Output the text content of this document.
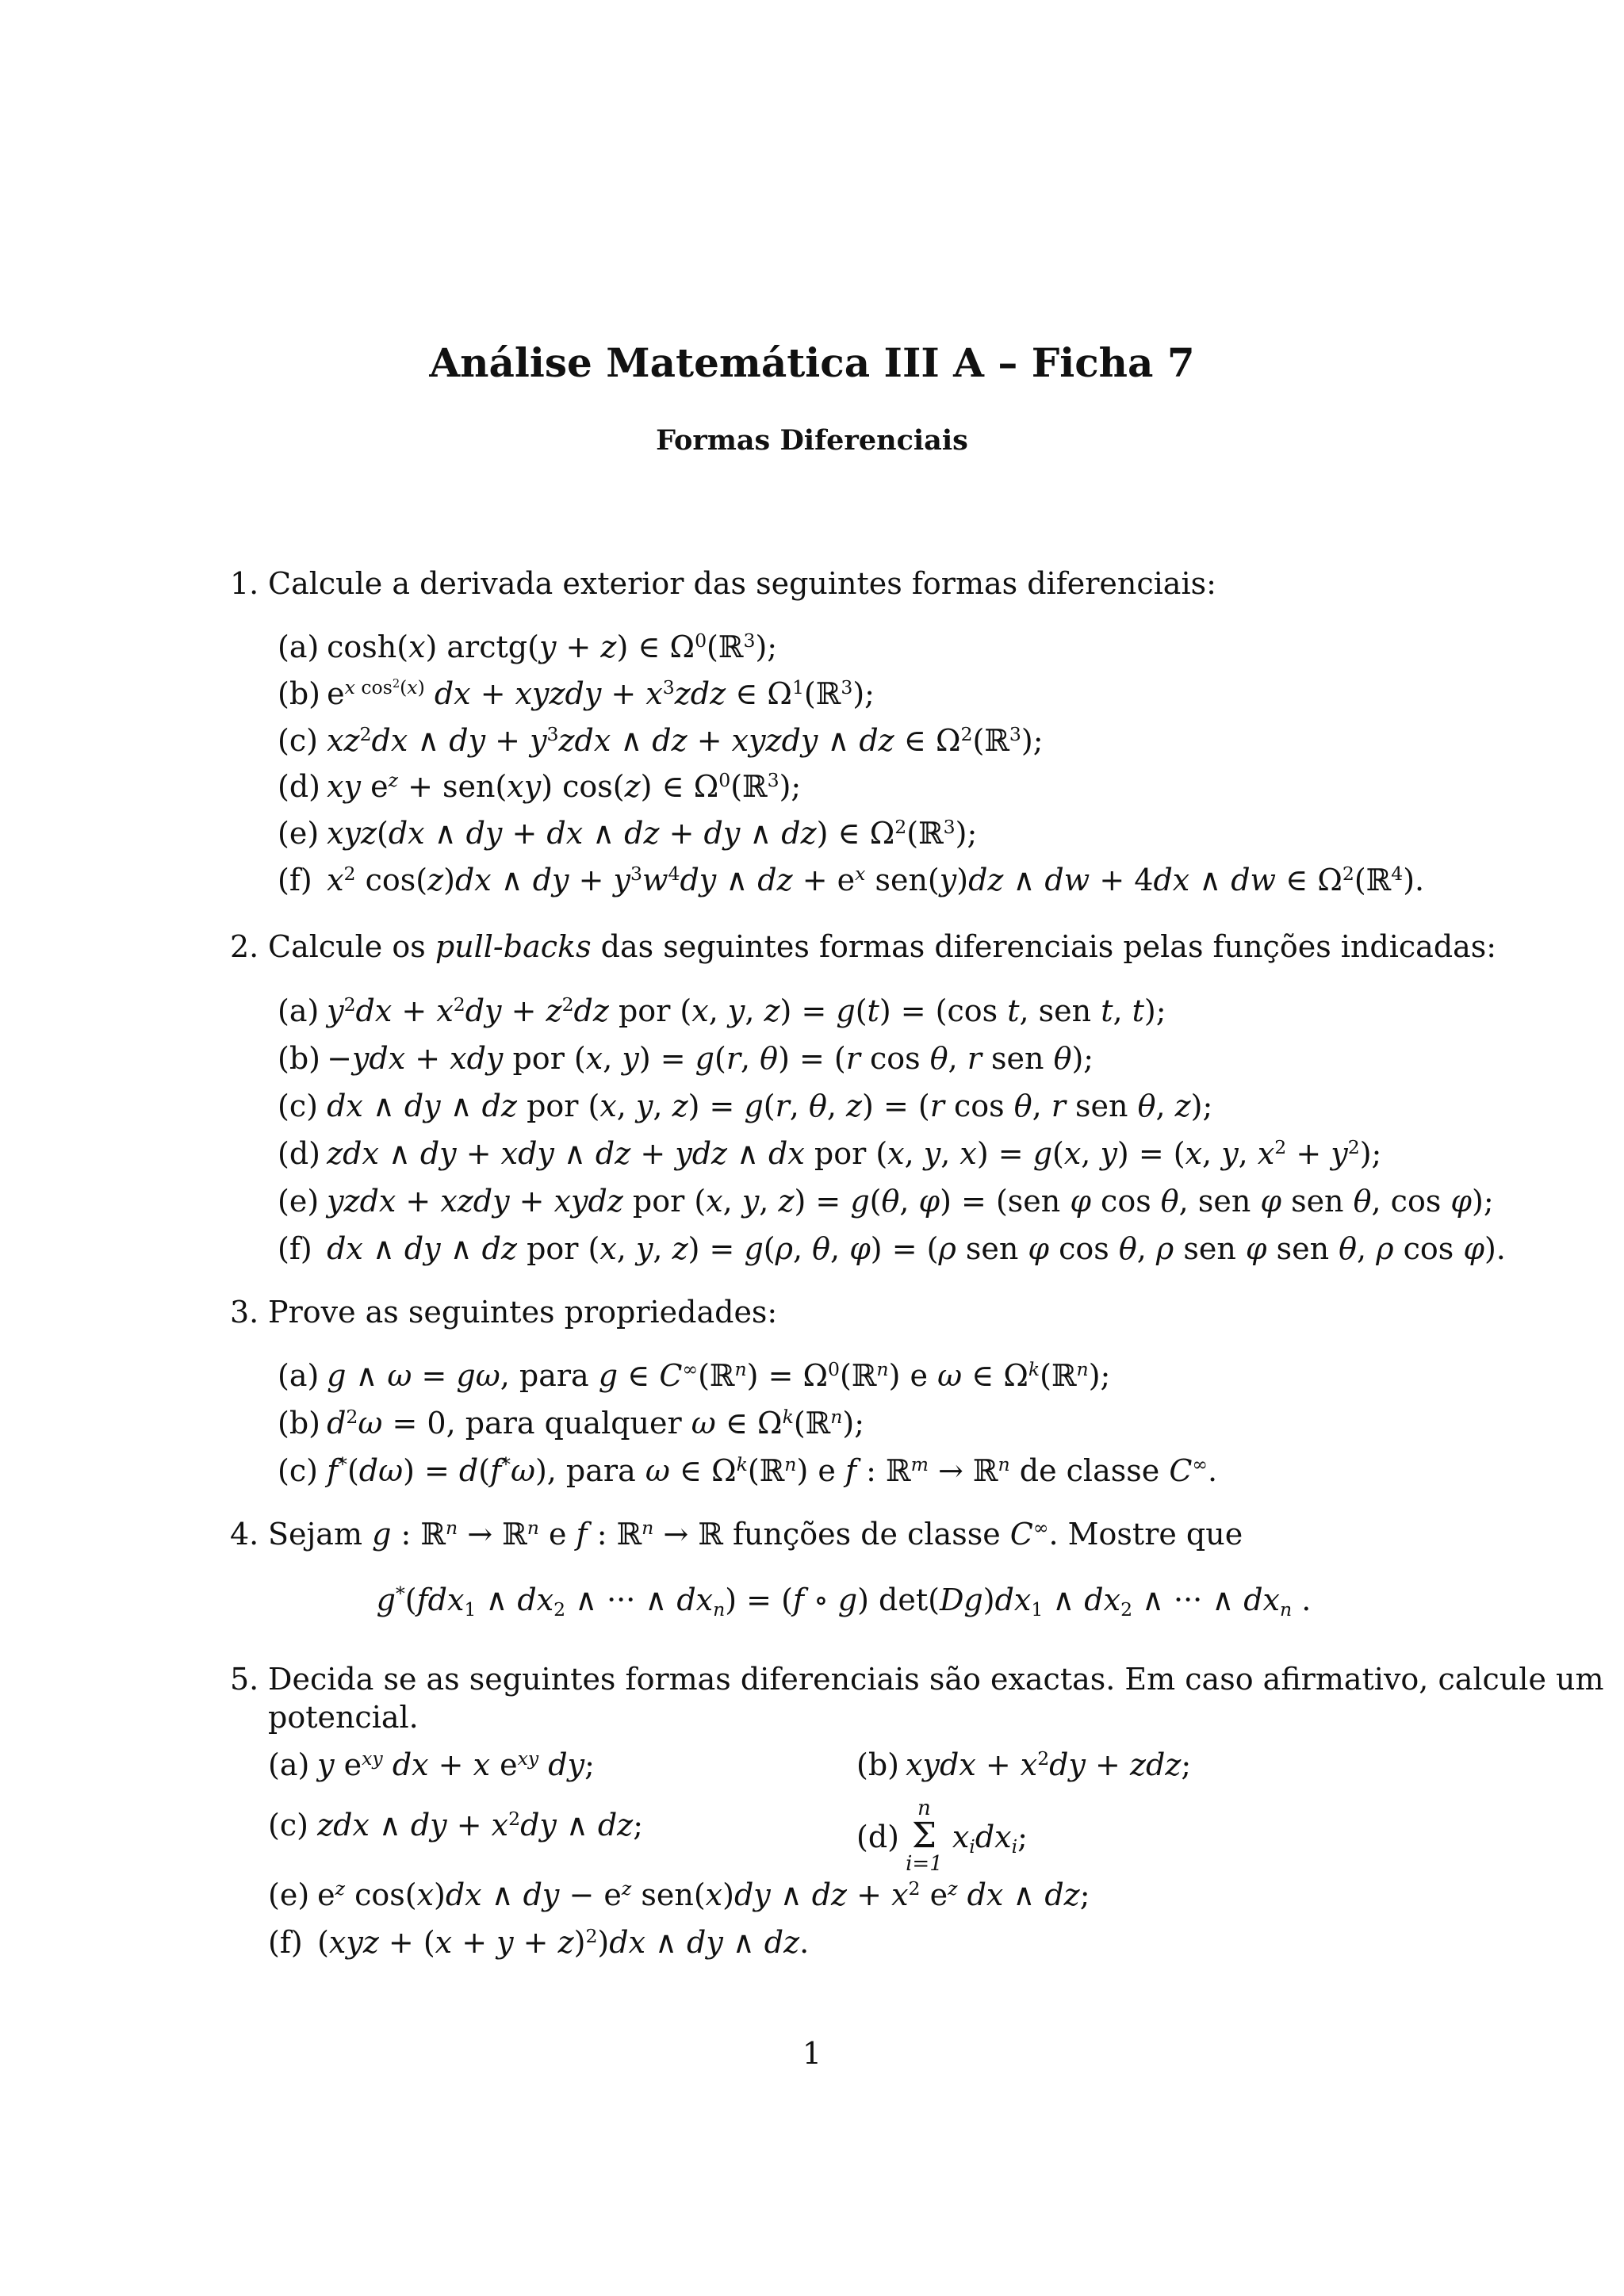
Análise Matemática III A – Ficha 7
Formas Diferenciais
1. Calcule a derivada exterior das seguintes formas diferenciais:
(a) cosh(x) arctg(y + z) ∈ $\Omega^0(ℝ^3)$;
(b) $e^{x cos^2(x)}$ dx + xyzdy + $x^3zdz$ ∈ $\Omega^1(ℝ^3)$;
(c) $xz^2dx$ ∧ dy + $y^3zdx$ ∧ dz + xyzdy ∧ dz ∈ $\Omega^2(ℝ^3)$;
(d) xy $e^z + sen(xy)$ cos(z) ∈ $\Omega^0(ℝ^3)$;
(e) xyz(dx ∧ dy + dx ∧ dz + dy ∧ dz) ∈ $\Omega^2(ℝ^3)$;
(f) $x^2$ cos(z)dx ∧ dy + $y^3w^4dy$ ∧ dz + $e^x$ sen(y)dz ∧ dw + 4dx ∧ dw ∈ $\Omega^2(ℝ^4)$.
2. Calcule os pull-backs das seguintes formas diferenciais pelas funções indicadas:
(a) $y^2dx + x^2dy + z^2dz$ por (x, y, z) = g(t) = (cos t, sen t, t);
(b) −ydx + xdy por (x, y) = g(r, θ) = (r cos θ, r sen θ);
(c) dx ∧ dy ∧ dz por (x, y, z) = g(r, θ, z) = (r cos θ, r sen θ, z);
(d) zdx ∧ dy + xdy ∧ dz + ydz ∧ dx por (x, y, x) = g(x, y) = (x, y, $x^2 + y^2$);
(e) yzdx + xzdy + xydz por (x, y, z) = g(θ, φ) = (sen φ cos θ, sen φ sen θ, cos φ);
(f) dx ∧ dy ∧ dz por (x, y, z) = g(ρ, θ, φ) = (ρ sen φ cos θ, ρ sen φ sen θ, ρ cos φ).
3. Prove as seguintes propriedades:
(a) g ∧ ω = gω, para g ∈ C∞(ℝ$^n$) = $\Omega^0(ℝ^n)$ e ω ∈ $\Omega^k(ℝ^n)$;
(b) $d^2\omega = 0$, para qualquer ω ∈ $\Omega^k(ℝ^n)$;
(c) f*(dω) = d(f*ω), para ω ∈ $\Omega^k(ℝ^n)$ e f : ℝ$^m$ → ℝ$^n$ de classe C∞.
4. Sejam g : ℝ$^n$ → ℝ$^n$ e f : ℝ$^n$ → ℝ funções de classe C∞. Mostre que
g*(fdx$_1$ ∧ $dx_2$ ∧ ··· ∧ $dx_n) = (f$ ∘ g) $\det(Dg)dx_1$ ∧ $dx_2$ ∧ ··· ∧ $dx_n$ .
5. Decida se as seguintes formas diferenciais são exactas. Em caso afirmativo, calcule um
potencial.
(a) y $e^{xy}$ dx + x $e^{xy}$ dy;	(b) xydx + $x^2dy$ + zdz;
(c) zdx ∧ dy + $x^2dy$ ∧ dz;	(d)
n
Σ
i=1
$x_idx_i$;
(e) $e^z$ cos(x)dx ∧ dy − $e^z$ sen(x)dy ∧ dz + $x^2$ $e^z$ dx ∧ dz;
(f) $(xyz + (x + y + z)^2)dx$ ∧ dy ∧ dz.
1
